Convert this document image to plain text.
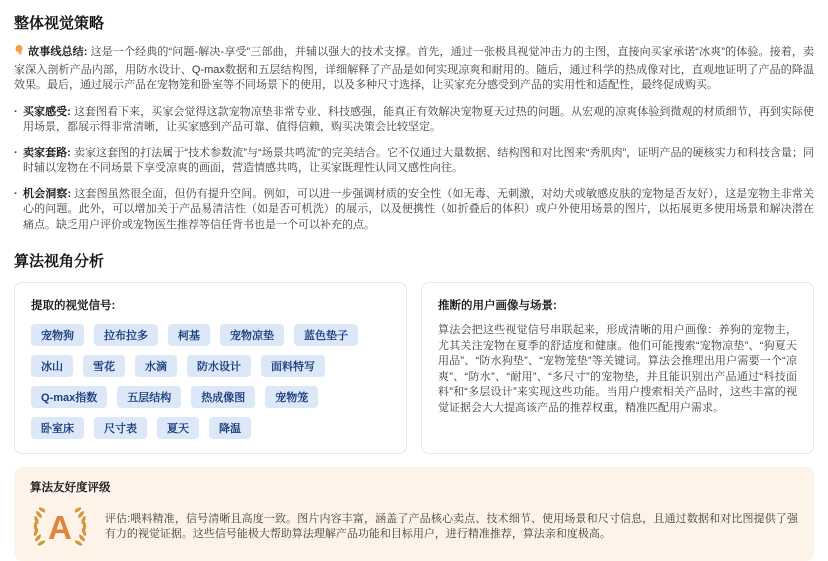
整体视觉策略

故事线总结: 这是一个经典的“问题-解决-享受”三部曲，并辅以强大的技术支撑。首先，通过一张极具视觉冲击力的主图，直接向买家承诺“冰爽”的体验。接着，卖家深入剖析产品内部，用防水设计、Q-max数据和五层结构图，详细解释了产品是如何实现凉爽和耐用的。随后，通过科学的热成像对比，直观地证明了产品的降温效果。最后，通过展示产品在宠物笼和卧室等不同场景下的使用，以及多种尺寸选择，让买家充分感受到产品的实用性和适配性，最终促成购买。

· 买家感受: 这套图看下来，买家会觉得这款宠物凉垫非常专业、科技感强，能真正有效解决宠物夏天过热的问题。从宏观的凉爽体验到微观的材质细节，再到实际使用场景，都展示得非常清晰，让买家感到产品可靠、值得信赖，购买决策会比较坚定。

· 卖家套路: 卖家这套图的打法属于“技术参数流”与“场景共鸣流”的完美结合。它不仅通过大量数据、结构图和对比图来“秀肌肉”，证明产品的硬核实力和科技含量；同时辅以宠物在不同场景下享受凉爽的画面，营造情感共鸣，让买家既理性认同又感性向往。

· 机会洞察: 这套图虽然很全面，但仍有提升空间。例如，可以进一步强调材质的安全性（如无毒、无刺激，对幼犬或敏感皮肤的宠物是否友好），这是宠物主非常关心的问题。此外，可以增加关于产品易清洁性（如是否可机洗）的展示，以及便携性（如折叠后的体积）或户外使用场景的图片，以拓展更多使用场景和解决潜在痛点。缺乏用户评价或宠物医生推荐等信任背书也是一个可以补充的点。

算法视角分析
提取的视觉信号:
宠物狗	拉布拉多	柯基	宠物凉垫	蓝色垫子
冰山	雪花	水滴	防水设计	面料特写
Q-max指数	五层结构	热成像图	宠物笼
卧室床	尺寸表	夏天	降温
推断的用户画像与场景:

算法会把这些视觉信号串联起来，形成清晰的用户画像：养狗的宠物主，尤其关注宠物在夏季的舒适度和健康。他们可能搜索“宠物凉垫”、“狗夏天用品”、“防水狗垫”、“宠物笼垫”等关键词。算法会推理出用户需要一个“凉爽”、“防水”、“耐用”、“多尺寸”的宠物垫，并且能识别出产品通过“科技面料”和“多层设计”来实现这些功能。当用户搜索相关产品时，这些丰富的视觉证据会大大提高该产品的推荐权重，精准匹配用户需求。

算法友好度评级
A	评估:喂料精准，信号清晰且高度一致。图片内容丰富，涵盖了产品核心卖点、技术细节、使用场景和尺寸信息，且通过数据和对比图提供了强有力的视觉证据。这些信号能极大帮助算法理解产品功能和目标用户，进行精准推荐，算法亲和度极高。
